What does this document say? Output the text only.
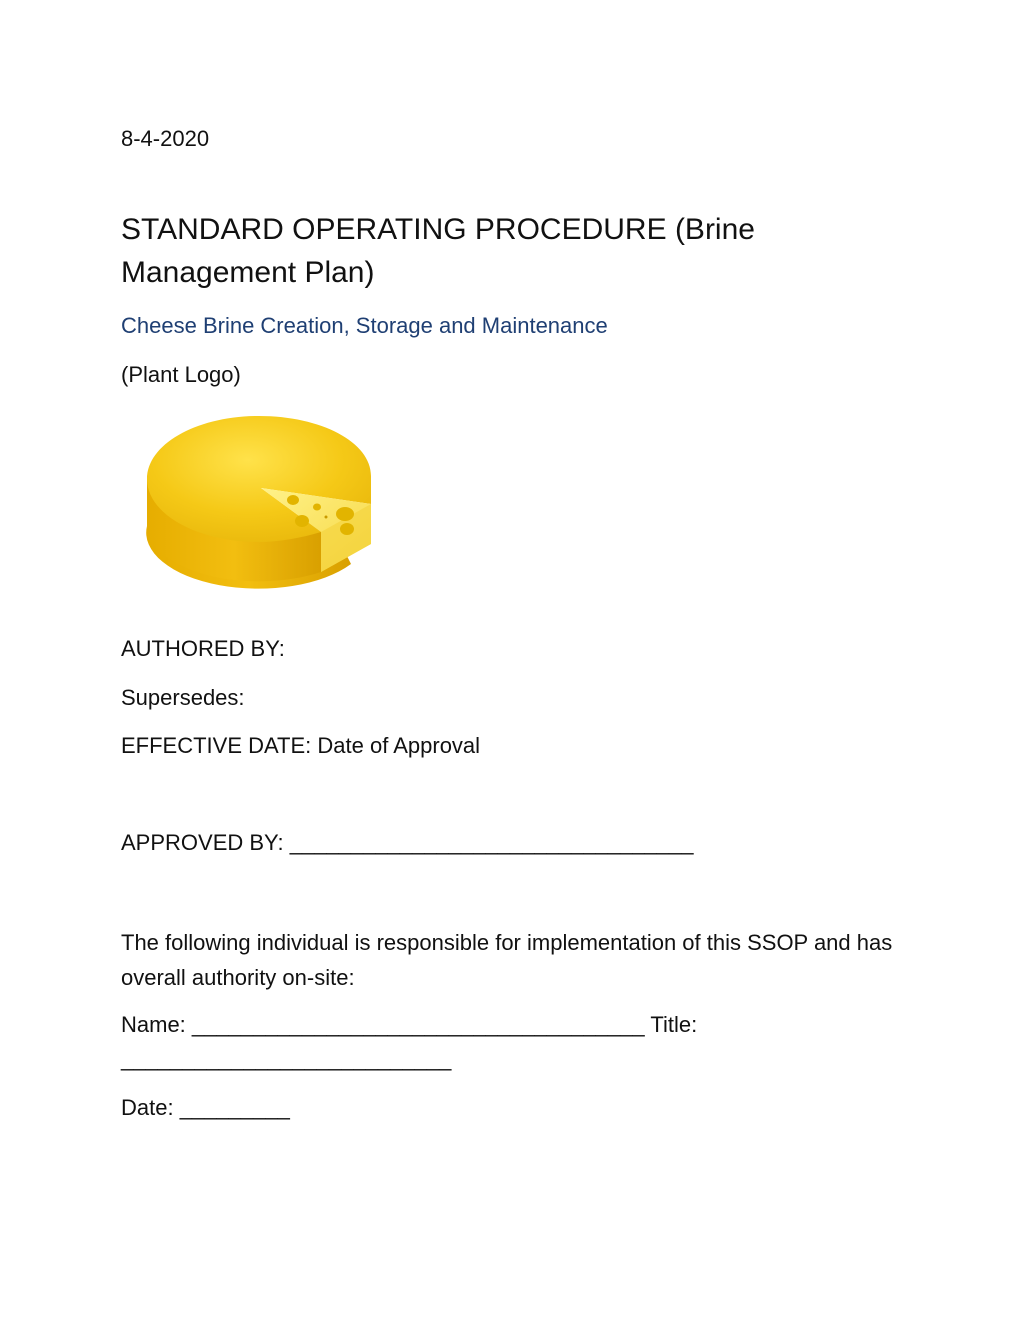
8-4-2020
STANDARD OPERATING PROCEDURE (Brine Management Plan)
Cheese Brine Creation, Storage and Maintenance
(Plant Logo)
AUTHORED BY:
Supersedes:
EFFECTIVE DATE: Date of Approval
APPROVED BY: _________________________________
The following individual is responsible for implementation of this SSOP and has overall authority on-site:
Name: _____________________________________ Title:
___________________________
Date: _________
